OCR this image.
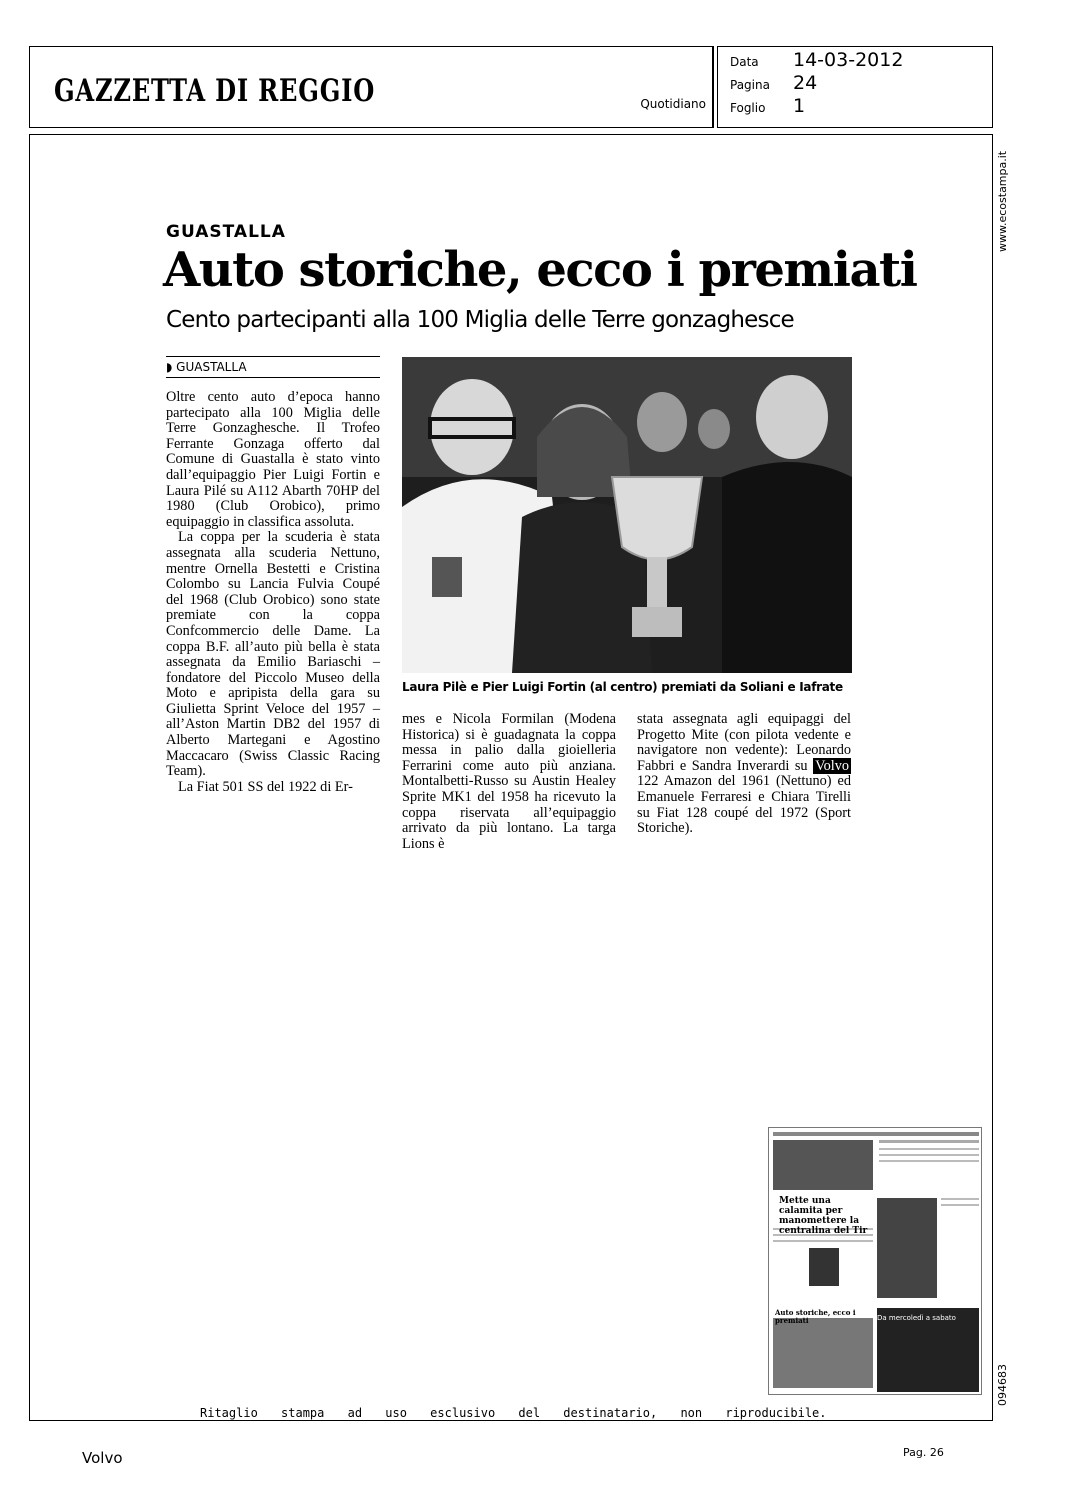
GAZZETTA DI REGGIO	Quotidiano
Data 14-03-2012
Pagina 24
Foglio 1
www.ecostampa.it
094683
GUASTALLA
Auto storiche, ecco i premiati
Cento partecipanti alla 100 Miglia delle Terre gonzaghesce
◗ GUASTALLA

Oltre cento auto d’epoca hanno partecipato alla 100 Miglia delle Terre Gonzaghesche. Il Trofeo Ferrante Gonzaga offerto dal Comune di Guastalla è stato vinto dall’equipaggio Pier Luigi Fortin e Laura Pilé su A112 Abarth 70HP del 1980 (Club Orobico), primo equipaggio in classifica assoluta.

La coppa per la scuderia è stata assegnata alla scuderia Nettuno, mentre Ornella Bestetti e Cristina Colombo su Lancia Fulvia Coupé del 1968 (Club Orobico) sono state premiate con la coppa Confcommercio delle Dame. La coppa B.F. all’auto più bella è stata assegnata da Emilio Bariaschi – fondatore del Piccolo Museo della Moto e apripista della gara su Giulietta Sprint Veloce del 1957 – all’Aston Martin DB2 del 1957 di Alberto Martegani e Agostino Maccacaro (Swiss Classic Racing Team).

La Fiat 501 SS del 1922 di Er-

Laura Pilè e Pier Luigi Fortin (al centro) premiati da Soliani e Iafrate

mes e Nicola Formilan (Modena Historica) si è guadagnata la coppa messa in palio dalla gioielleria Ferrarini come auto più anziana. Montalbetti-Russo su Austin Healey Sprite MK1 del 1958 ha ricevuto la coppa riservata all’equipaggio arrivato da più lontano. La targa Lions è

stata assegnata agli equipaggi del Progetto Mite (con pilota vedente e navigatore non vedente): Leonardo Fabbri e Sandra Inverardi su Volvo 122 Amazon del 1961 (Nettuno) ed Emanuele Ferraresi e Chiara Tirelli su Fiat 128 coupé del 1972 (Sport Storiche).

Da mercoledì a sabato
Mette una calamita per manomettere la centralina del Tir
Auto storiche, ecco i premiati
Ritaglio stampa ad uso esclusivo del destinatario, non riproducibile.
Volvo	Pag. 26
